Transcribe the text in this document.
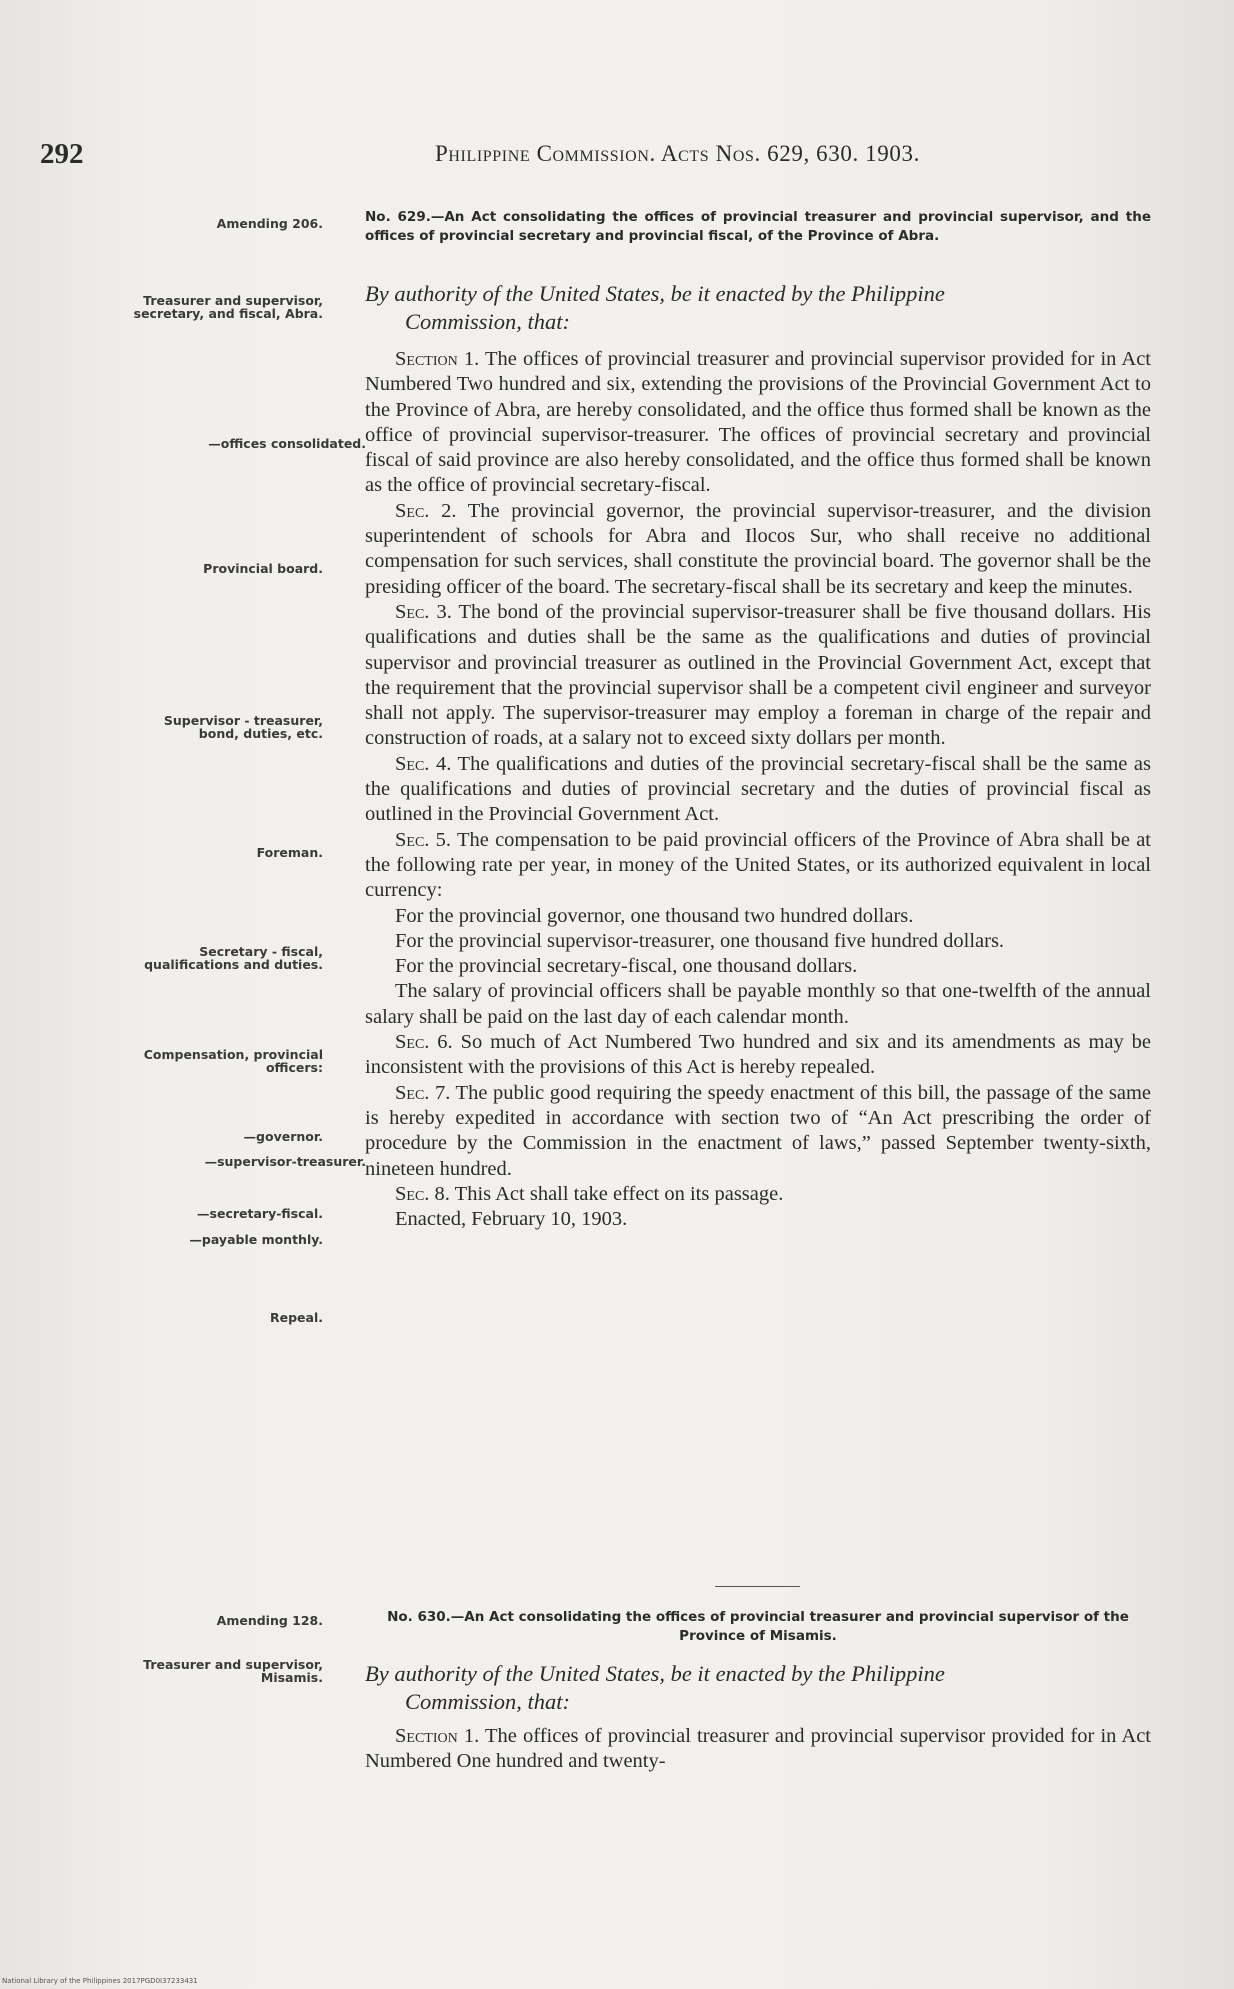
292	Philippine Commission. Acts Nos. 629, 630. 1903.
Amending 206.	No. 629.—An Act consolidating the offices of provincial treasurer and provincial supervisor, and the offices of provincial secretary and provincial fiscal, of the Province of Abra.
Treasurer and supervisor, secretary, and fiscal, Abra.
By authority of the United States, be it enacted by the Philippine
Commission, that:
—offices consolidated.
Provincial board.
Supervisor - treasurer, bond, duties, etc.
Foreman.
Secretary - fiscal, qualifications and duties.
Compensation, provincial officers:
—governor.
—supervisor-treasurer.
—secretary-fiscal.
—payable monthly.
Repeal.

Section 1. The offices of provincial treasurer and provincial supervisor provided for in Act Numbered Two hundred and six, extending the provisions of the Provincial Government Act to the Province of Abra, are hereby consolidated, and the office thus formed shall be known as the office of provincial supervisor-treasurer. The offices of provincial secretary and provincial fiscal of said province are also hereby consolidated, and the office thus formed shall be known as the office of provincial secretary-fiscal.

Sec. 2. The provincial governor, the provincial supervisor-treasurer, and the division superintendent of schools for Abra and Ilocos Sur, who shall receive no additional compensation for such services, shall constitute the provincial board. The governor shall be the presiding officer of the board. The secretary-fiscal shall be its secretary and keep the minutes.

Sec. 3. The bond of the provincial supervisor-treasurer shall be five thousand dollars. His qualifications and duties shall be the same as the qualifications and duties of provincial supervisor and provincial treasurer as outlined in the Provincial Government Act, except that the requirement that the provincial supervisor shall be a competent civil engineer and surveyor shall not apply. The supervisor-treasurer may employ a foreman in charge of the repair and construction of roads, at a salary not to exceed sixty dollars per month.

Sec. 4. The qualifications and duties of the provincial secretary-fiscal shall be the same as the qualifications and duties of provincial secretary and the duties of provincial fiscal as outlined in the Provincial Government Act.

Sec. 5. The compensation to be paid provincial officers of the Province of Abra shall be at the following rate per year, in money of the United States, or its authorized equivalent in local currency:

For the provincial governor, one thousand two hundred dollars.

For the provincial supervisor-treasurer, one thousand five hundred dollars.

For the provincial secretary-fiscal, one thousand dollars.

The salary of provincial officers shall be payable monthly so that one-twelfth of the annual salary shall be paid on the last day of each calendar month.

Sec. 6. So much of Act Numbered Two hundred and six and its amendments as may be inconsistent with the provisions of this Act is hereby repealed.

Sec. 7. The public good requiring the speedy enactment of this bill, the passage of the same is hereby expedited in accordance with section two of “An Act prescribing the order of procedure by the Commission in the enactment of laws,” passed September twenty-sixth, nineteen hundred.

Sec. 8. This Act shall take effect on its passage.

Enacted, February 10, 1903.

Amending 128.	No. 630.—An Act consolidating the offices of provincial treasurer and provincial supervisor of the Province of Misamis.
Treasurer and supervisor, Misamis. By authority of the United States, be it enacted by the Philippine
Commission, that:

Section 1. The offices of provincial treasurer and provincial supervisor provided for in Act Numbered One hundred and twenty-

National Library of the Philippines 2017PGD0I37233431
